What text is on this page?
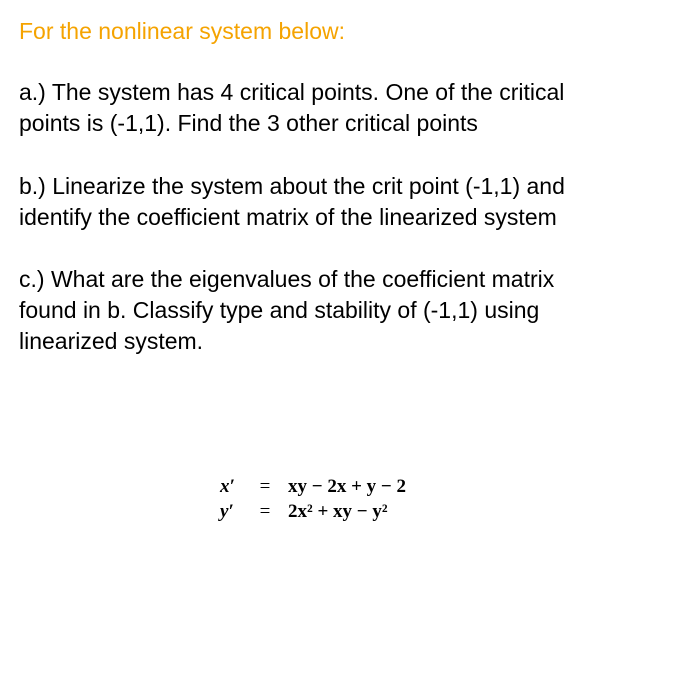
For the nonlinear system below:
a.) The system has 4 critical points. One of the critical
points is (-1,1). Find the 3 other critical points
b.) Linearize the system about the crit point (-1,1) and
identify the coefficient matrix of the linearized system
c.) What are the eigenvalues of the coefficient matrix
found in b. Classify type and stability of (-1,1) using
linearized system.
x′	= xy − 2x + y − 2
y′	= 2x² + xy − y²
